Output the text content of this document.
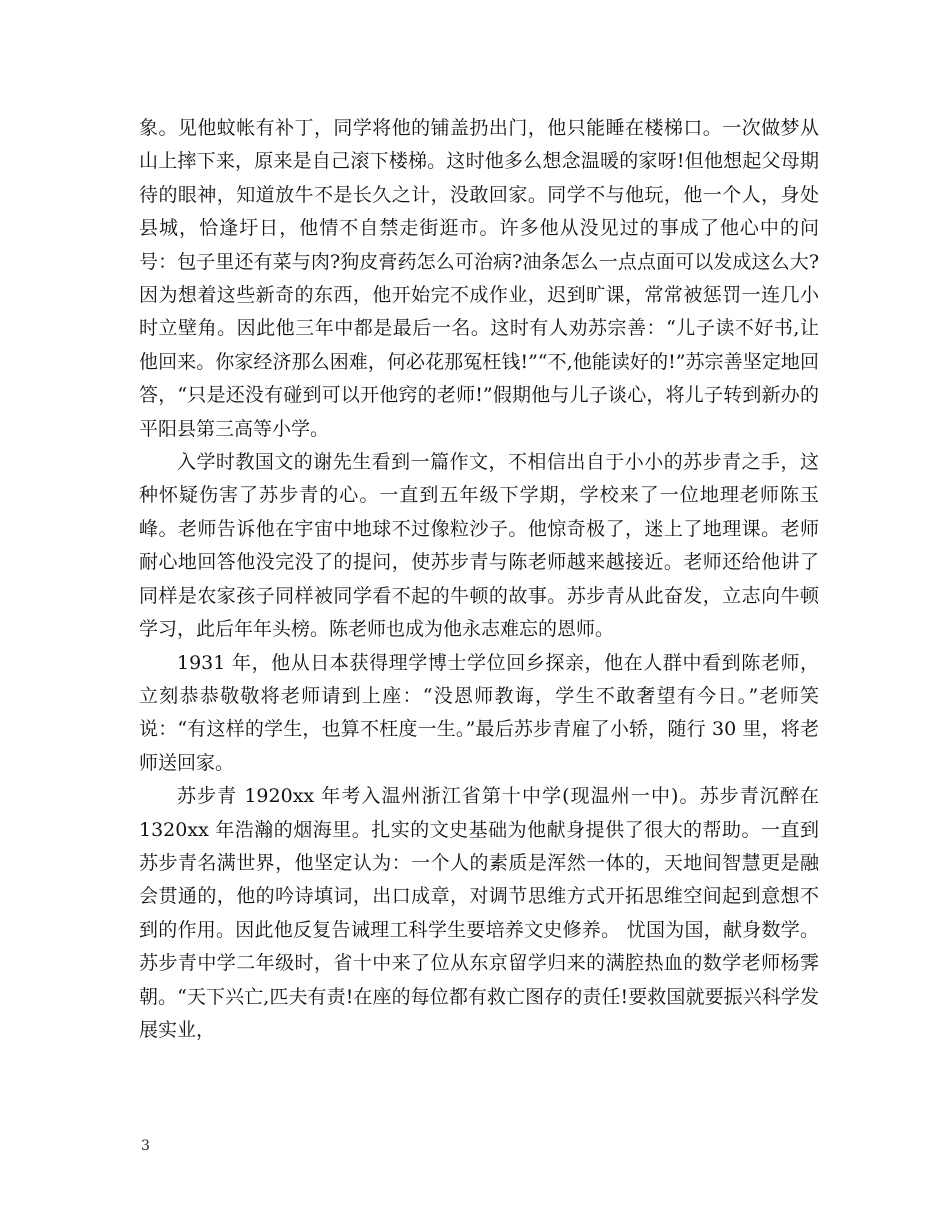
象。见他蚊帐有补丁，同学将他的铺盖扔出门，他只能睡在楼梯口。一次做梦从山上摔下来，原来是自己滚下楼梯。这时他多么想念温暖的家呀!但他想起父母期待的眼神，知道放牛不是长久之计，没敢回家。同学不与他玩，他一个人，身处县城，恰逢圩日，他情不自禁走街逛市。许多他从没见过的事成了他心中的问号：包子里还有菜与肉?狗皮膏药怎么可治病?油条怎么一点点面可以发成这么大?因为想着这些新奇的东西，他开始完不成作业，迟到旷课，常常被惩罚一连几小时立壁角。因此他三年中都是最后一名。这时有人劝苏宗善：“儿子读不好书,让他回来。你家经济那么困难，何必花那冤枉钱!”“不,他能读好的!”苏宗善坚定地回答，“只是还没有碰到可以开他窍的老师!”假期他与儿子谈心，将儿子转到新办的平阳县第三高等小学。

入学时教国文的谢先生看到一篇作文，不相信出自于小小的苏步青之手，这种怀疑伤害了苏步青的心。一直到五年级下学期，学校来了一位地理老师陈玉峰。老师告诉他在宇宙中地球不过像粒沙子。他惊奇极了，迷上了地理课。老师耐心地回答他没完没了的提问，使苏步青与陈老师越来越接近。老师还给他讲了同样是农家孩子同样被同学看不起的牛顿的故事。苏步青从此奋发，立志向牛顿学习，此后年年头榜。陈老师也成为他永志难忘的恩师。

1931 年，他从日本获得理学博士学位回乡探亲，他在人群中看到陈老师，立刻恭恭敬敬将老师请到上座：“没恩师教诲，学生不敢奢望有今日。”老师笑说：“有这样的学生，也算不枉度一生。”最后苏步青雇了小轿，随行 30 里，将老师送回家。

苏步青 1920xx 年考入温州浙江省第十中学(现温州一中)。苏步青沉醉在 1320xx 年浩瀚的烟海里。扎实的文史基础为他献身提供了很大的帮助。一直到苏步青名满世界，他坚定认为：一个人的素质是浑然一体的，天地间智慧更是融会贯通的，他的吟诗填词，出口成章，对调节思维方式开拓思维空间起到意想不到的作用。因此他反复告诫理工科学生要培养文史修养。 忧国为国，献身数学。苏步青中学二年级时，省十中来了位从东京留学归来的满腔热血的数学老师杨霁朝。“天下兴亡,匹夫有责!在座的每位都有救亡图存的责任!要救国就要振兴科学发展实业，

3
